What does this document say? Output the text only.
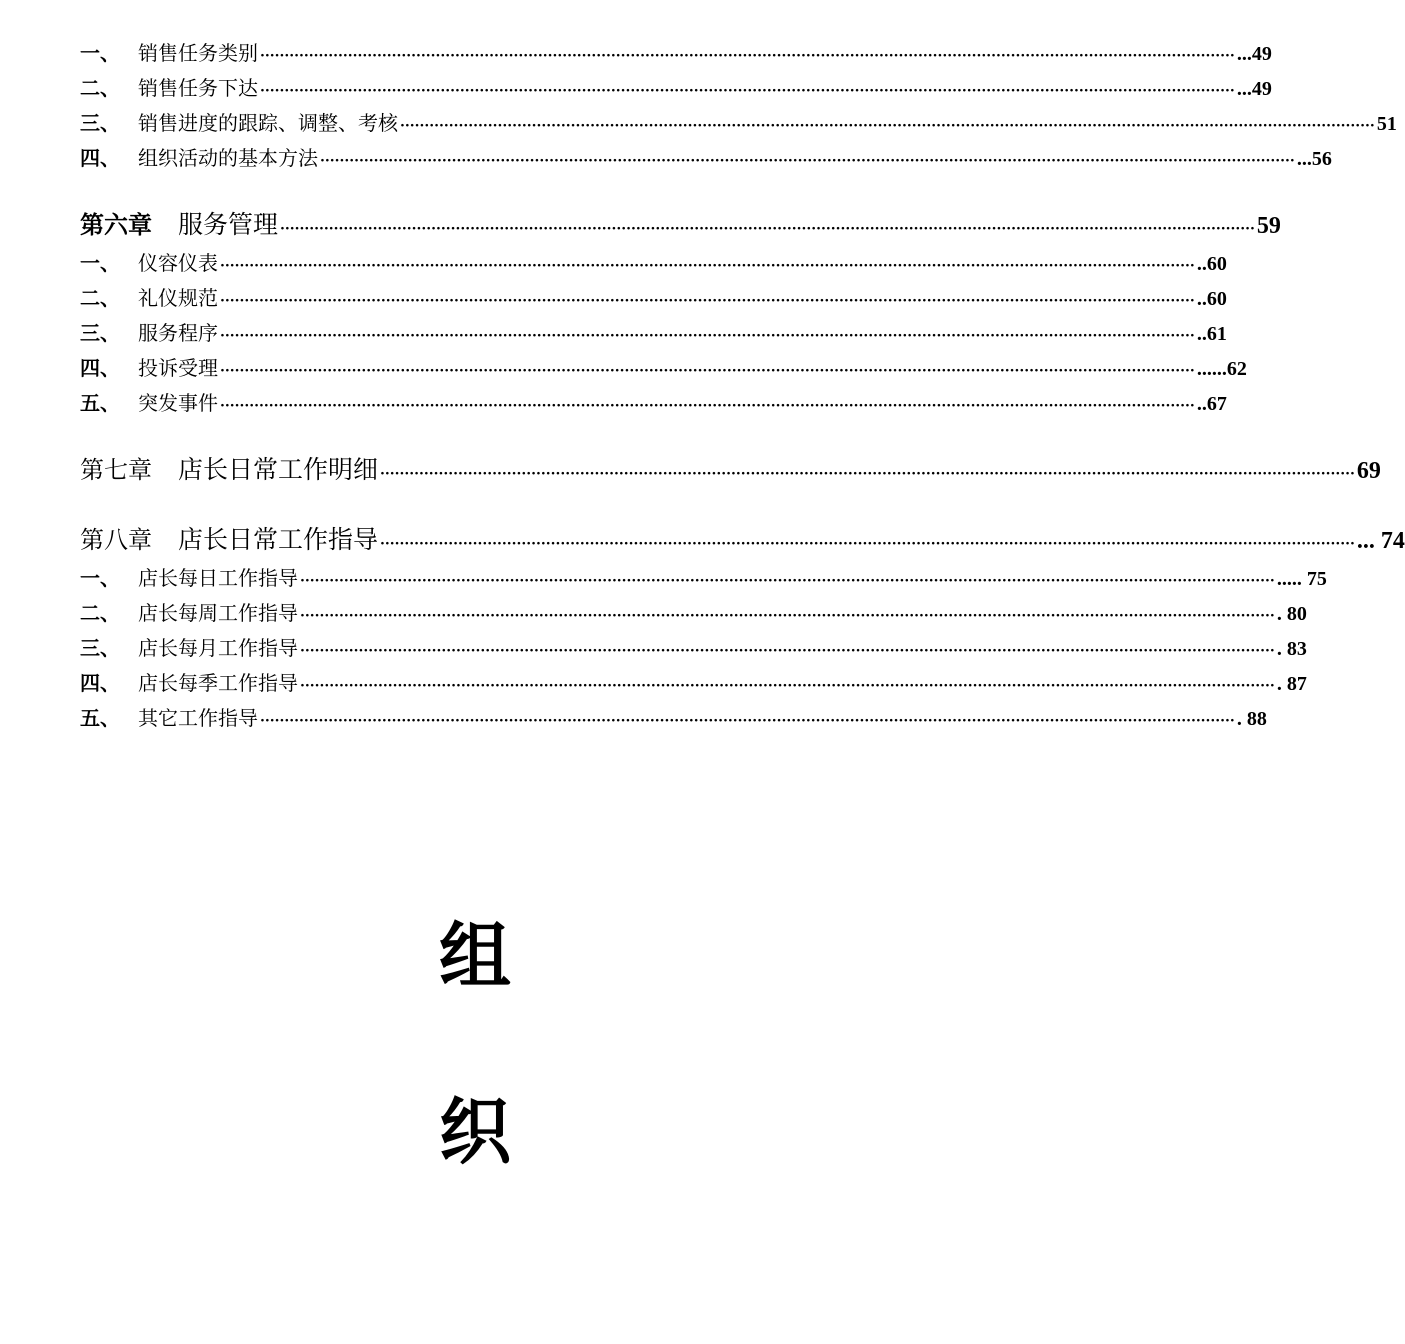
一、 销售任务类别 ········································································································································································································ ...49
二、 销售任务下达 ········································································································································································································ ...49
三、 销售进度的跟踪、调整、考核 ········································································································································································································ 51
四、 组织活动的基本方法 ········································································································································································································ ...56
第六章 服务管理 ········································································································································································································ 59
一、 仪容仪表 ········································································································································································································ ..60
二、 礼仪规范 ········································································································································································································ ..60
三、 服务程序 ········································································································································································································ ..61
四、 投诉受理 ········································································································································································································ ......62
五、 突发事件 ········································································································································································································ ..67
第七章 店长日常工作明细 ········································································································································································································ 69
第八章 店长日常工作指导 ········································································································································································································ ... 74
一、 店长每日工作指导 ········································································································································································································ ..... 75
二、 店长每周工作指导 ········································································································································································································ . 80
三、 店长每月工作指导 ········································································································································································································ . 83
四、 店长每季工作指导 ········································································································································································································ . 87
五、 其它工作指导 ········································································································································································································ . 88
组
织
